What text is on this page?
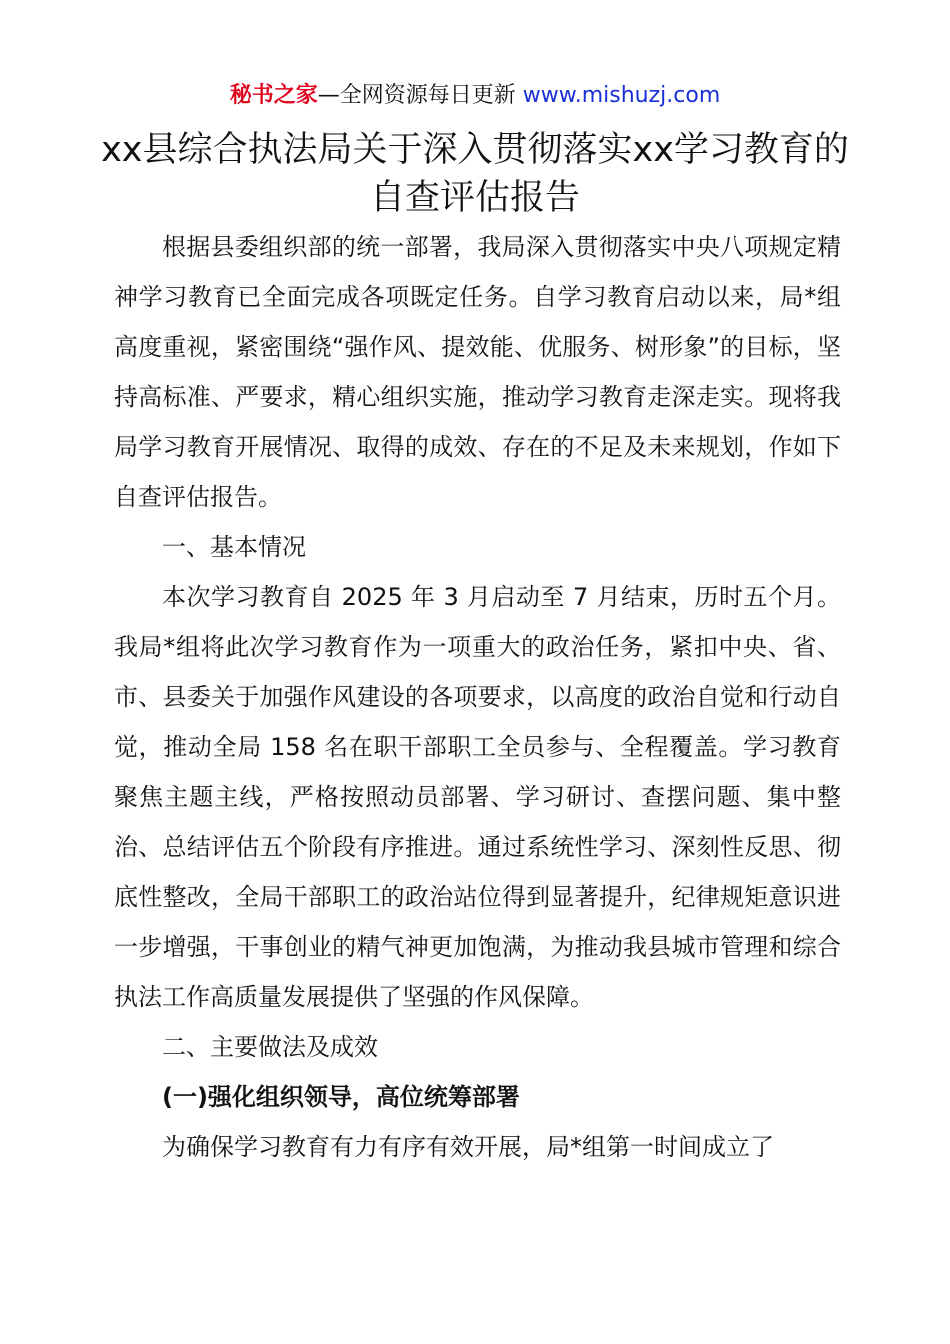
秘书之家—全网资源每日更新 www.mishuzj.com
xx县综合执法局关于深入贯彻落实xx学习教育的自查评估报告

根据县委组织部的统一部署，我局深入贯彻落实中央八项规定精神学习教育已全面完成各项既定任务。自学习教育启动以来，局*组高度重视，紧密围绕“强作风、提效能、优服务、树形象”的目标，坚持高标准、严要求，精心组织实施，推动学习教育走深走实。现将我局学习教育开展情况、取得的成效、存在的不足及未来规划，作如下自查评估报告。

一、基本情况

本次学习教育自 2025 年 3 月启动至 7 月结束，历时五个月。我局*组将此次学习教育作为一项重大的政治任务，紧扣中央、省、市、县委关于加强作风建设的各项要求，以高度的政治自觉和行动自觉，推动全局 158 名在职干部职工全员参与、全程覆盖。学习教育聚焦主题主线，严格按照动员部署、学习研讨、查摆问题、集中整治、总结评估五个阶段有序推进。通过系统性学习、深刻性反思、彻底性整改，全局干部职工的政治站位得到显著提升，纪律规矩意识进一步增强，干事创业的精气神更加饱满，为推动我县城市管理和综合执法工作高质量发展提供了坚强的作风保障。

二、主要做法及成效
(一)强化组织领导，高位统筹部署

为确保学习教育有力有序有效开展，局*组第一时间成立了
